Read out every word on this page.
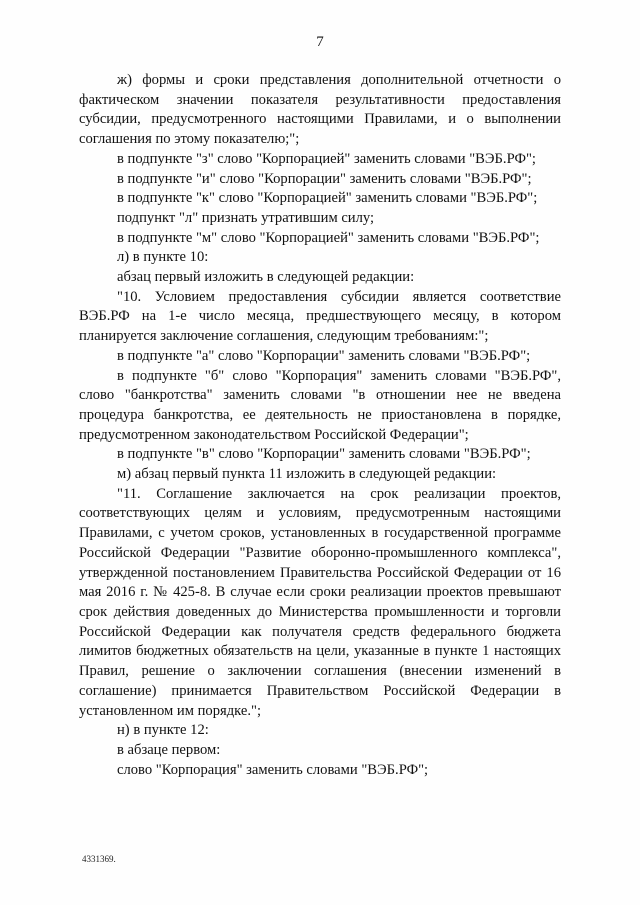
7

ж) формы и сроки представления дополнительной отчетности о фактическом значении показателя результативности предоставления субсидии, предусмотренного настоящими Правилами, и о выполнении соглашения по этому показателю;";

в подпункте "з" слово "Корпорацией" заменить словами "ВЭБ.РФ";

в подпункте "и" слово "Корпорации" заменить словами "ВЭБ.РФ";

в подпункте "к" слово "Корпорацией" заменить словами "ВЭБ.РФ";

подпункт "л" признать утратившим силу;

в подпункте "м" слово "Корпорацией" заменить словами "ВЭБ.РФ";

л) в пункте 10:

абзац первый изложить в следующей редакции:

"10. Условием предоставления субсидии является соответствие ВЭБ.РФ на 1-е число месяца, предшествующего месяцу, в котором планируется заключение соглашения, следующим требованиям:";

в подпункте "а" слово "Корпорации" заменить словами "ВЭБ.РФ";

в подпункте "б" слово "Корпорация" заменить словами "ВЭБ.РФ", слово "банкротства" заменить словами "в отношении нее не введена процедура банкротства, ее деятельность не приостановлена в порядке, предусмотренном законодательством Российской Федерации";

в подпункте "в" слово "Корпорации" заменить словами "ВЭБ.РФ";

м) абзац первый пункта 11 изложить в следующей редакции:

"11. Соглашение заключается на срок реализации проектов, соответствующих целям и условиям, предусмотренным настоящими Правилами, с учетом сроков, установленных в государственной программе Российской Федерации "Развитие оборонно-промышленного комплекса", утвержденной постановлением Правительства Российской Федерации от 16 мая 2016 г. № 425-8. В случае если сроки реализации проектов превышают срок действия доведенных до Министерства промышленности и торговли Российской Федерации как получателя средств федерального бюджета лимитов бюджетных обязательств на цели, указанные в пункте 1 настоящих Правил, решение о заключении соглашения (внесении изменений в соглашение) принимается Правительством Российской Федерации в установленном им порядке.";

н) в пункте 12:

в абзаце первом:

слово "Корпорация" заменить словами "ВЭБ.РФ";

4331369.
